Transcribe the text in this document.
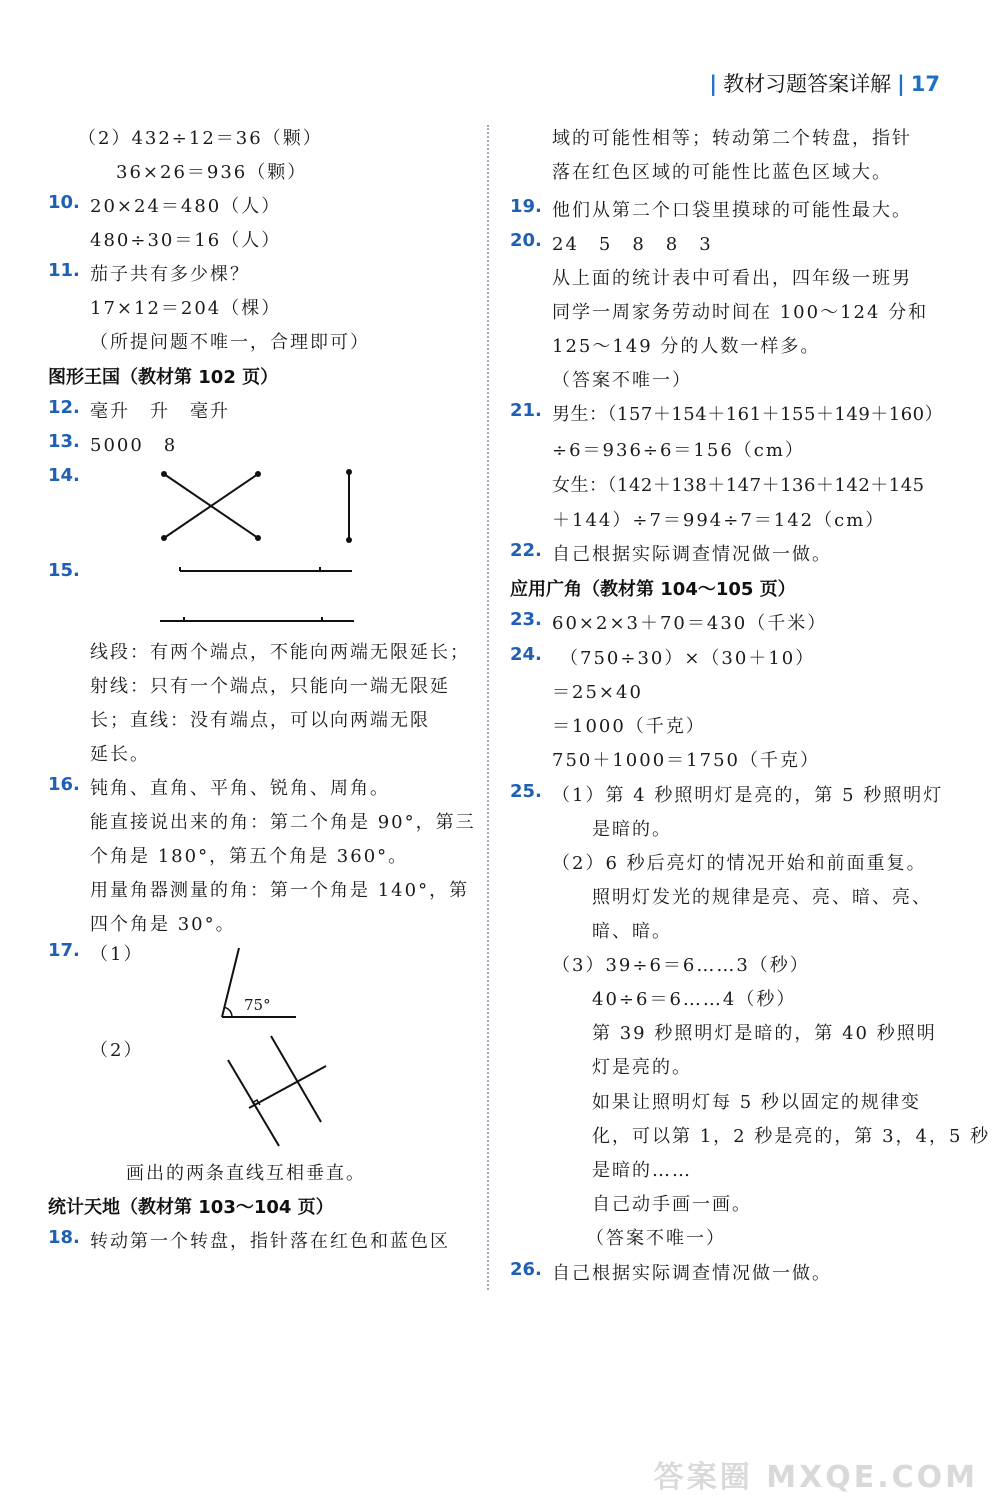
| 教材习题答案详解 | 17
（2）432÷12＝36（颗）
36×26＝936（颗）
10. 20×24＝480（人）
480÷30＝16（人）
11. 茄子共有多少棵？
17×12＝204（棵）
（所提问题不唯一，合理即可）
图形王国（教材第 102 页）
12. 毫升　升　毫升
13. 5000　8
14.
15.
线段：有两个端点，不能向两端无限延长；
射线：只有一个端点，只能向一端无限延
长；直线：没有端点，可以向两端无限
延长。
16. 钝角、直角、平角、锐角、周角。
能直接说出来的角：第二个角是 90°，第三
个角是 180°，第五个角是 360°。
用量角器测量的角：第一个角是 140°，第
四个角是 30°。
17. （1）
75°
（2）
画出的两条直线互相垂直。
统计天地（教材第 103～104 页）
18. 转动第一个转盘，指针落在红色和蓝色区
域的可能性相等；转动第二个转盘，指针
落在红色区域的可能性比蓝色区域大。
19. 他们从第二个口袋里摸球的可能性最大。
20. 24　5　8　8　3
从上面的统计表中可看出，四年级一班男
同学一周家务劳动时间在 100～124 分和
125～149 分的人数一样多。
（答案不唯一）
21. 男生：（157＋154＋161＋155＋149＋160）
÷6＝936÷6＝156（cm）
女生：（142＋138＋147＋136＋142＋145
＋144）÷7＝994÷7＝142（cm）
22. 自己根据实际调查情况做一做。
应用广角（教材第 104～105 页）
23. 60×2×3＋70＝430（千米）
24. （750÷30）×（30＋10）
＝25×40
＝1000（千克）
750＋1000＝1750（千克）
25. （1）第 4 秒照明灯是亮的，第 5 秒照明灯
是暗的。
（2）6 秒后亮灯的情况开始和前面重复。
照明灯发光的规律是亮、亮、暗、亮、
暗、暗。
（3）39÷6＝6……3（秒）
40÷6＝6……4（秒）
第 39 秒照明灯是暗的，第 40 秒照明
灯是亮的。
如果让照明灯每 5 秒以固定的规律变
化，可以第 1，2 秒是亮的，第 3，4，5 秒
是暗的……
自己动手画一画。
（答案不唯一）
26. 自己根据实际调查情况做一做。
答案圈 MXQE.COM
